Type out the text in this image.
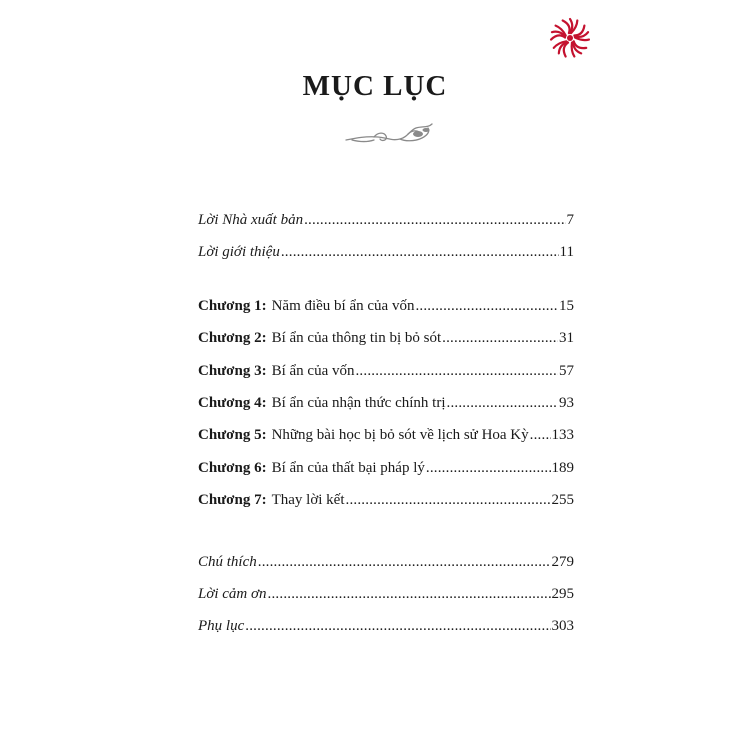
MỤC LỤC
Lời Nhà xuất bản .....	7
Lời giới thiệu .....	11
Chương 1: Năm điều bí ẩn của vốn .....	15
Chương 2: Bí ẩn của thông tin bị bỏ sót .....	31
Chương 3: Bí ẩn của vốn .....	57
Chương 4: Bí ẩn của nhận thức chính trị .....	93
Chương 5: Những bài học bị bỏ sót về lịch sử Hoa Kỳ ..... 133
Chương 6: Bí ẩn của thất bại pháp lý .....	189
Chương 7: Thay lời kết .....	255
Chú thích .....	279
Lời cảm ơn .....	295
Phụ lục .....	303
